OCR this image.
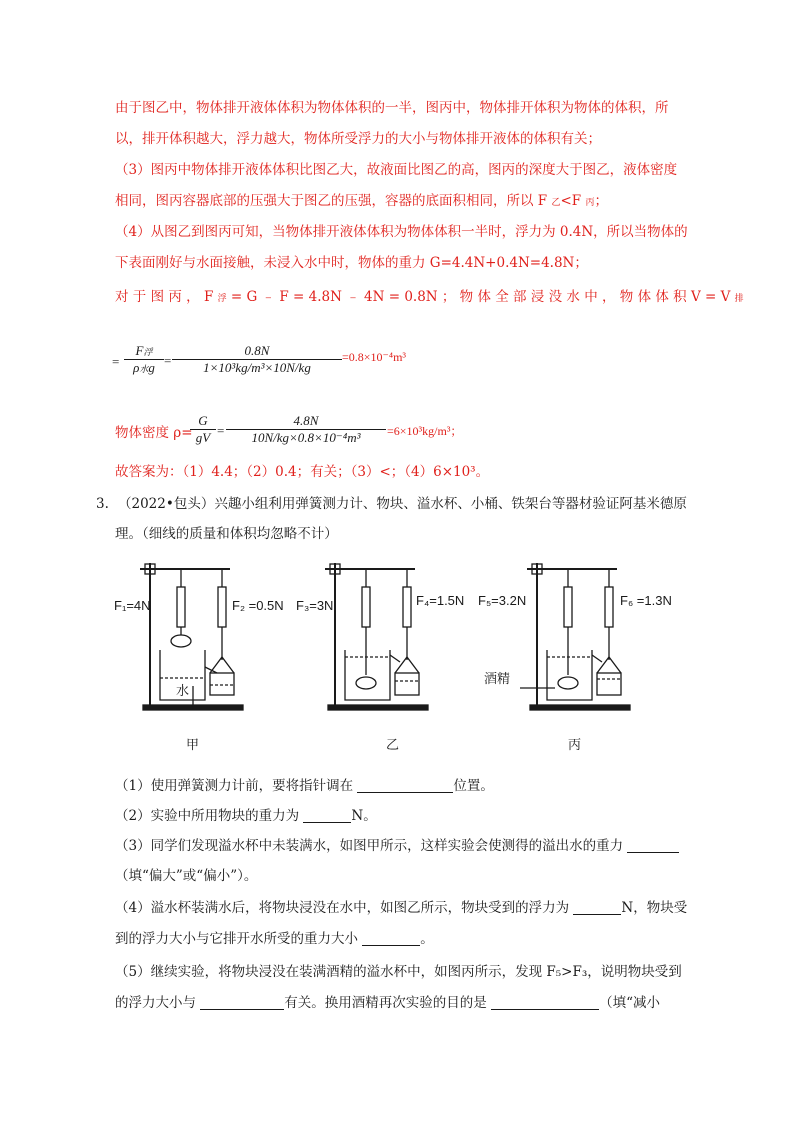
由于图乙中，物体排开液体体积为物体体积的一半，图丙中，物体排开体积为物体的体积，所
以，排开体积越大，浮力越大，物体所受浮力的大小与物体排开液体的体积有关；
（3）图丙中物体排开液体体积比图乙大，故液面比图乙的高，图丙的深度大于图乙，液体密度
相同，图丙容器底部的压强大于图乙的压强，容器的底面积相同，所以 F 乙<F 丙；
（4）从图乙到图丙可知，当物体排开液体体积为物体体积一半时，浮力为 0.4N，所以当物体的
下表面刚好与水面接触，未浸入水中时，物体的重力 G=4.4N+0.4N=4.8N；
对 于 图 丙 ， F 浮 = G ﹣ F = 4.8N ﹣ 4N = 0.8N ； 物 体 全 部 浸 没 水 中 ， 物 体 体 积 V = V 排
=
F浮
ρ水$g = \frac{0.8N}{\text{1×10³kg/m³×10N/kg}} =0.8\times 10^{-4}m^3$
物体密度 ρ=
$\frac{G}{gV} = \frac{4.8N}{\text{10N/kg×0.8×10⁻⁴m³}} =6\times 10^3kg/m^3$；
故答案为：（1）4.4；（2）0.4；有关；（3）<；（4）6×10³。
3. （2022•包头）兴趣小组利用弹簧测力计、物块、溢水杯、小桶、铁架台等器材验证阿基米德原
理。（细线的质量和体积均忽略不计）
F₁=4N	F₂ =0.5N F₃=3N	F₄=1.5N F₅=3.2N	F₆ =1.3N
水
酒精
甲	乙	丙
（1）使用弹簧测力计前，要将指针调在	位置。
（2）实验中所用物块的重力为	N。
（3）同学们发现溢水杯中未装满水，如图甲所示，这样实验会使测得的溢出水的重力
（填“偏大”或“偏小”）。
（4）溢水杯装满水后，将物块浸没在水中，如图乙所示，物块受到的浮力为	N，物块受
到的浮力大小与它排开水所受的重力大小	。
（5）继续实验，将物块浸没在装满酒精的溢水杯中，如图丙所示，发现 F₅>F₃，说明物块受到
的浮力大小与	有关。换用酒精再次实验的目的是	（填“减小
